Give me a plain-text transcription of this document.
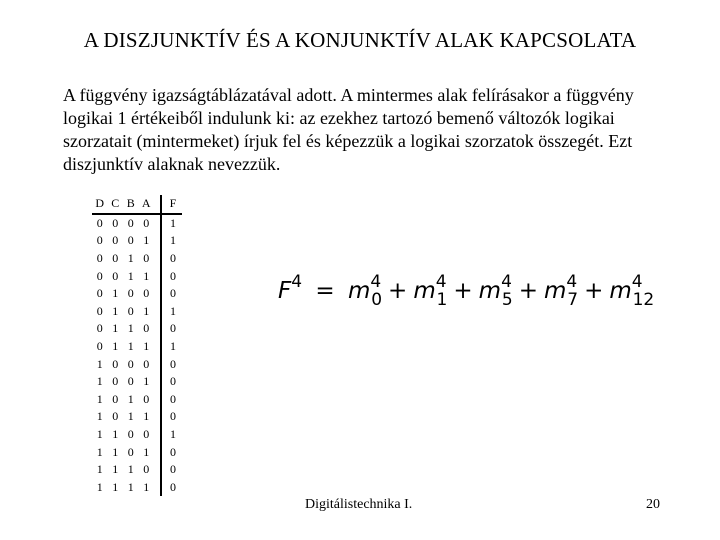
A DISZJUNKTÍV ÉS A KONJUNKTÍV ALAK KAPCSOLATA
A függvény igazságtáblázatával adott. A mintermes alak felírásakor a függvény logikai 1 értékeiből indulunk ki: az ezekhez tartozó bemenő változók logikai szorzatait (mintermeket) írjuk fel és képezzük a logikai szorzatok összegét. Ezt diszjunktív alaknak nevezzük.
D	C	B	A			F
0	0	0	0			1
0	0	0	1			1
0	0	1	0			0
0	0	1	1			0
0	1	0	0			0
0	1	0	1			1
0	1	1	0			0
0	1	1	1			1
1	0	0	0			0
1	0	0	1			0
1	0	1	0			0
1	0	1	1			0
1	1	0	0			1
1	1	0	1			0
1	1	1	0			0
1	1	1	1			0
$F^4 = m^4_0 + m^4_1 + m^4_5 + m^4_7 + m^4_{12}$
Digitálistechnika I.	20
